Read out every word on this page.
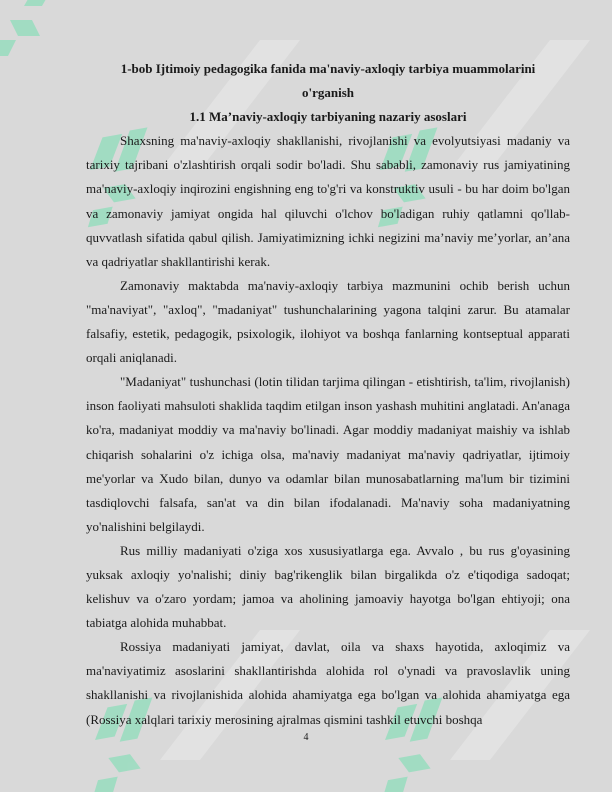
1-bob Ijtimoiy pedagogika fanida ma'naviy-axloqiy tarbiya muammolarini

o'rganish

1.1 Ma’naviy-axloqiy tarbiyaning nazariy asoslari

Shaxsning ma'naviy-axloqiy shakllanishi, rivojlanishi va evolyutsiyasi madaniy va tarixiy tajribani o'zlashtirish orqali sodir bo'ladi. Shu sababli, zamonaviy rus jamiyatining ma'naviy-axloqiy inqirozini engishning eng to'g'ri va konstruktiv usuli - bu har doim bo'lgan va zamonaviy jamiyat ongida hal qiluvchi o'lchov bo'ladigan ruhiy qatlamni qo'llab-quvvatlash sifatida qabul qilish. Jamiyatimizning ichki negizini ma’naviy me’yorlar, an’ana va qadriyatlar shakllantirishi kerak.

Zamonaviy maktabda ma'naviy-axloqiy tarbiya mazmunini ochib berish uchun "ma'naviyat", "axloq", "madaniyat" tushunchalarining yagona talqini zarur. Bu atamalar falsafiy, estetik, pedagogik, psixologik, ilohiyot va boshqa fanlarning kontseptual apparati orqali aniqlanadi.

"Madaniyat" tushunchasi (lotin tilidan tarjima qilingan - etishtirish, ta'lim, rivojlanish) inson faoliyati mahsuloti shaklida taqdim etilgan inson yashash muhitini anglatadi. An'anaga ko'ra, madaniyat moddiy va ma'naviy bo'linadi. Agar moddiy madaniyat maishiy va ishlab chiqarish sohalarini o'z ichiga olsa, ma'naviy madaniyat ma'naviy qadriyatlar, ijtimoiy me'yorlar va Xudo bilan, dunyo va odamlar bilan munosabatlarning ma'lum bir tizimini tasdiqlovchi falsafa, san'at va din bilan ifodalanadi. Ma'naviy soha madaniyatning yo'nalishini belgilaydi.

Rus milliy madaniyati o'ziga xos xususiyatlarga ega. Avvalo , bu rus g'oyasining yuksak axloqiy yo'nalishi; diniy bag'rikenglik bilan birgalikda o'z e'tiqodiga sadoqat; kelishuv va o'zaro yordam; jamoa va aholining jamoaviy hayotga bo'lgan ehtiyoji; ona tabiatga alohida muhabbat.

Rossiya madaniyati jamiyat, davlat, oila va shaxs hayotida, axloqimiz va ma'naviyatimiz asoslarini shakllantirishda alohida rol o'ynadi va pravoslavlik uning shakllanishi va rivojlanishida alohida ahamiyatga ega bo'lgan va alohida ahamiyatga ega (Rossiya xalqlari tarixiy merosining ajralmas qismini tashkil etuvchi boshqa

4
